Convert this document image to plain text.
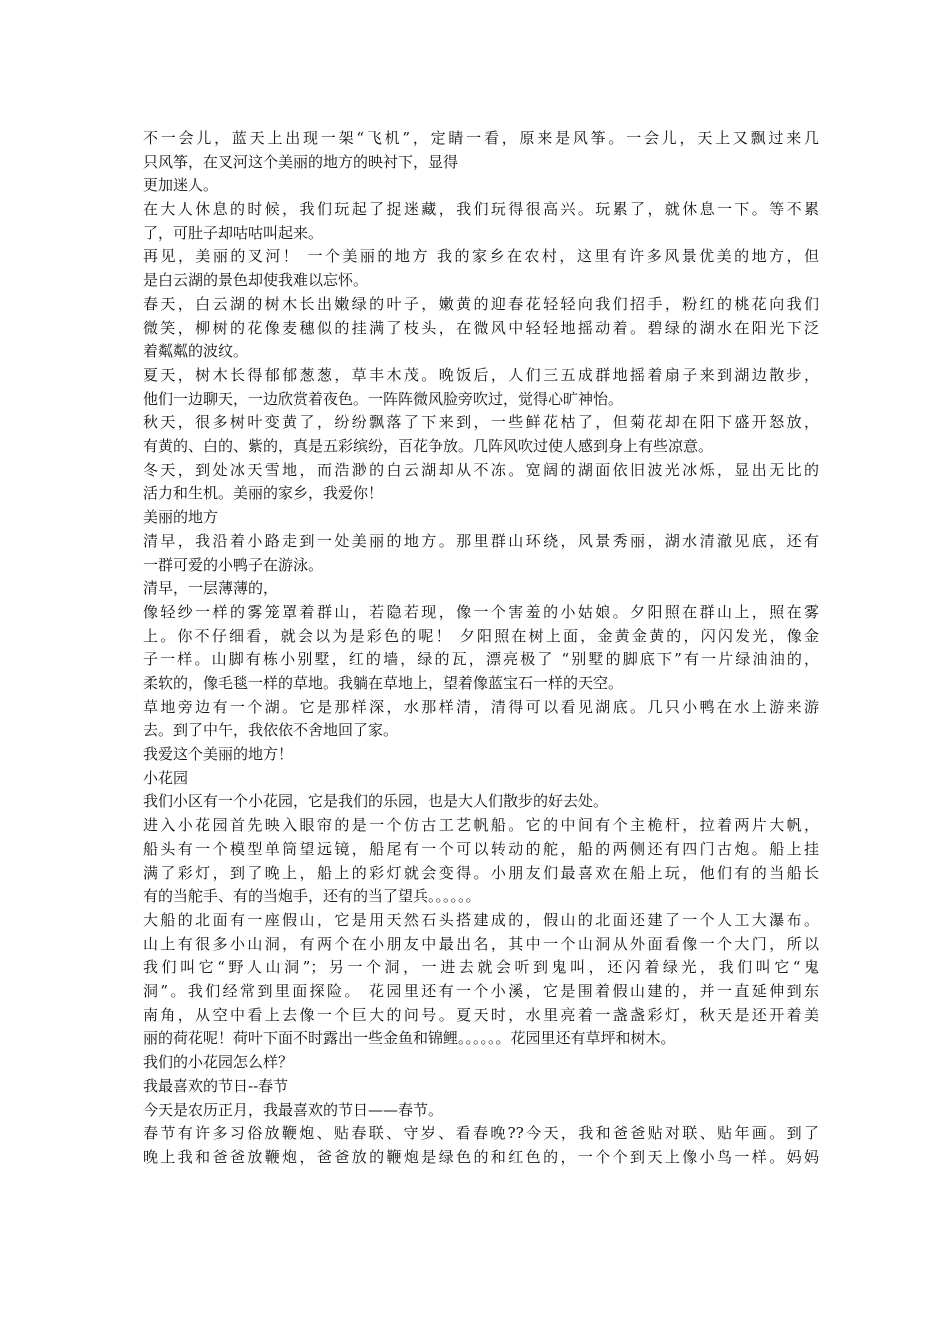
不一会儿，蓝天上出现一架“飞机”，定睛一看，原来是风筝。一会儿，天上又飘过来几
只风筝，在叉河这个美丽的地方的映衬下，显得
更加迷人。
在大人休息的时候，我们玩起了捉迷藏，我们玩得很高兴。玩累了，就休息一下。等不累
了，可肚子却咕咕叫起来。
再见，美丽的叉河！ 一个美丽的地方 我的家乡在农村，这里有许多风景优美的地方，但
是白云湖的景色却使我难以忘怀。
春天，白云湖的树木长出嫩绿的叶子，嫩黄的迎春花轻轻向我们招手，粉红的桃花向我们
微笑，柳树的花像麦穗似的挂满了枝头，在微风中轻轻地摇动着。碧绿的湖水在阳光下泛
着粼粼的波纹。
夏天，树木长得郁郁葱葱，草丰木茂。晚饭后，人们三五成群地摇着扇子来到湖边散步，
他们一边聊天，一边欣赏着夜色。一阵阵微风脸旁吹过，觉得心旷神怡。
秋天，很多树叶变黄了，纷纷飘落了下来到，一些鲜花枯了，但菊花却在阳下盛开怒放，
有黄的、白的、紫的，真是五彩缤纷，百花争放。几阵风吹过使人感到身上有些凉意。
冬天，到处冰天雪地，而浩渺的白云湖却从不冻。宽阔的湖面依旧波光冰烁，显出无比的
活力和生机。美丽的家乡，我爱你！
美丽的地方
清早，我沿着小路走到一处美丽的地方。那里群山环绕，风景秀丽，湖水清澈见底，还有
一群可爱的小鸭子在游泳。
清早，一层薄薄的，
像轻纱一样的雾笼罩着群山，若隐若现，像一个害羞的小姑娘。夕阳照在群山上，照在雾
上。你不仔细看，就会以为是彩色的呢！ 夕阳照在树上面，金黄金黄的，闪闪发光，像金
子一样。山脚有栋小别墅，红的墙，绿的瓦，漂亮极了 “别墅的脚底下”有一片绿油油的，
柔软的，像毛毯一样的草地。我躺在草地上，望着像蓝宝石一样的天空。
草地旁边有一个湖。它是那样深，水那样清，清得可以看见湖底。几只小鸭在水上游来游
去。到了中午，我依依不舍地回了家。
我爱这个美丽的地方！
小花园
我们小区有一个小花园，它是我们的乐园，也是大人们散步的好去处。
进入小花园首先映入眼帘的是一个仿古工艺帆船。它的中间有个主桅杆，拉着两片大帆，
船头有一个模型单筒望远镜，船尾有一个可以转动的舵，船的两侧还有四门古炮。船上挂
满了彩灯，到了晚上，船上的彩灯就会变得。小朋友们最喜欢在船上玩，他们有的当船长
有的当舵手、有的当炮手，还有的当了望兵。。。。。。
大船的北面有一座假山，它是用天然石头搭建成的，假山的北面还建了一个人工大瀑布。
山上有很多小山洞，有两个在小朋友中最出名，其中一个山洞从外面看像一个大门，所以
我们叫它“野人山洞”；另一个洞，一进去就会听到鬼叫，还闪着绿光，我们叫它“鬼
洞”。我们经常到里面探险。 花园里还有一个小溪，它是围着假山建的，并一直延伸到东
南角，从空中看上去像一个巨大的问号。夏天时，水里亮着一盏盏彩灯，秋天是还开着美
丽的荷花呢！荷叶下面不时露出一些金鱼和锦鲤。。。。。。花园里还有草坪和树木。
我们的小花园怎么样？
我最喜欢的节日--春节
今天是农历正月，我最喜欢的节日——春节。
春节有许多习俗放鞭炮、贴春联、守岁、看春晚??今天，我和爸爸贴对联、贴年画。到了
晚上我和爸爸放鞭炮，爸爸放的鞭炮是绿色的和红色的，一个个到天上像小鸟一样。妈妈
